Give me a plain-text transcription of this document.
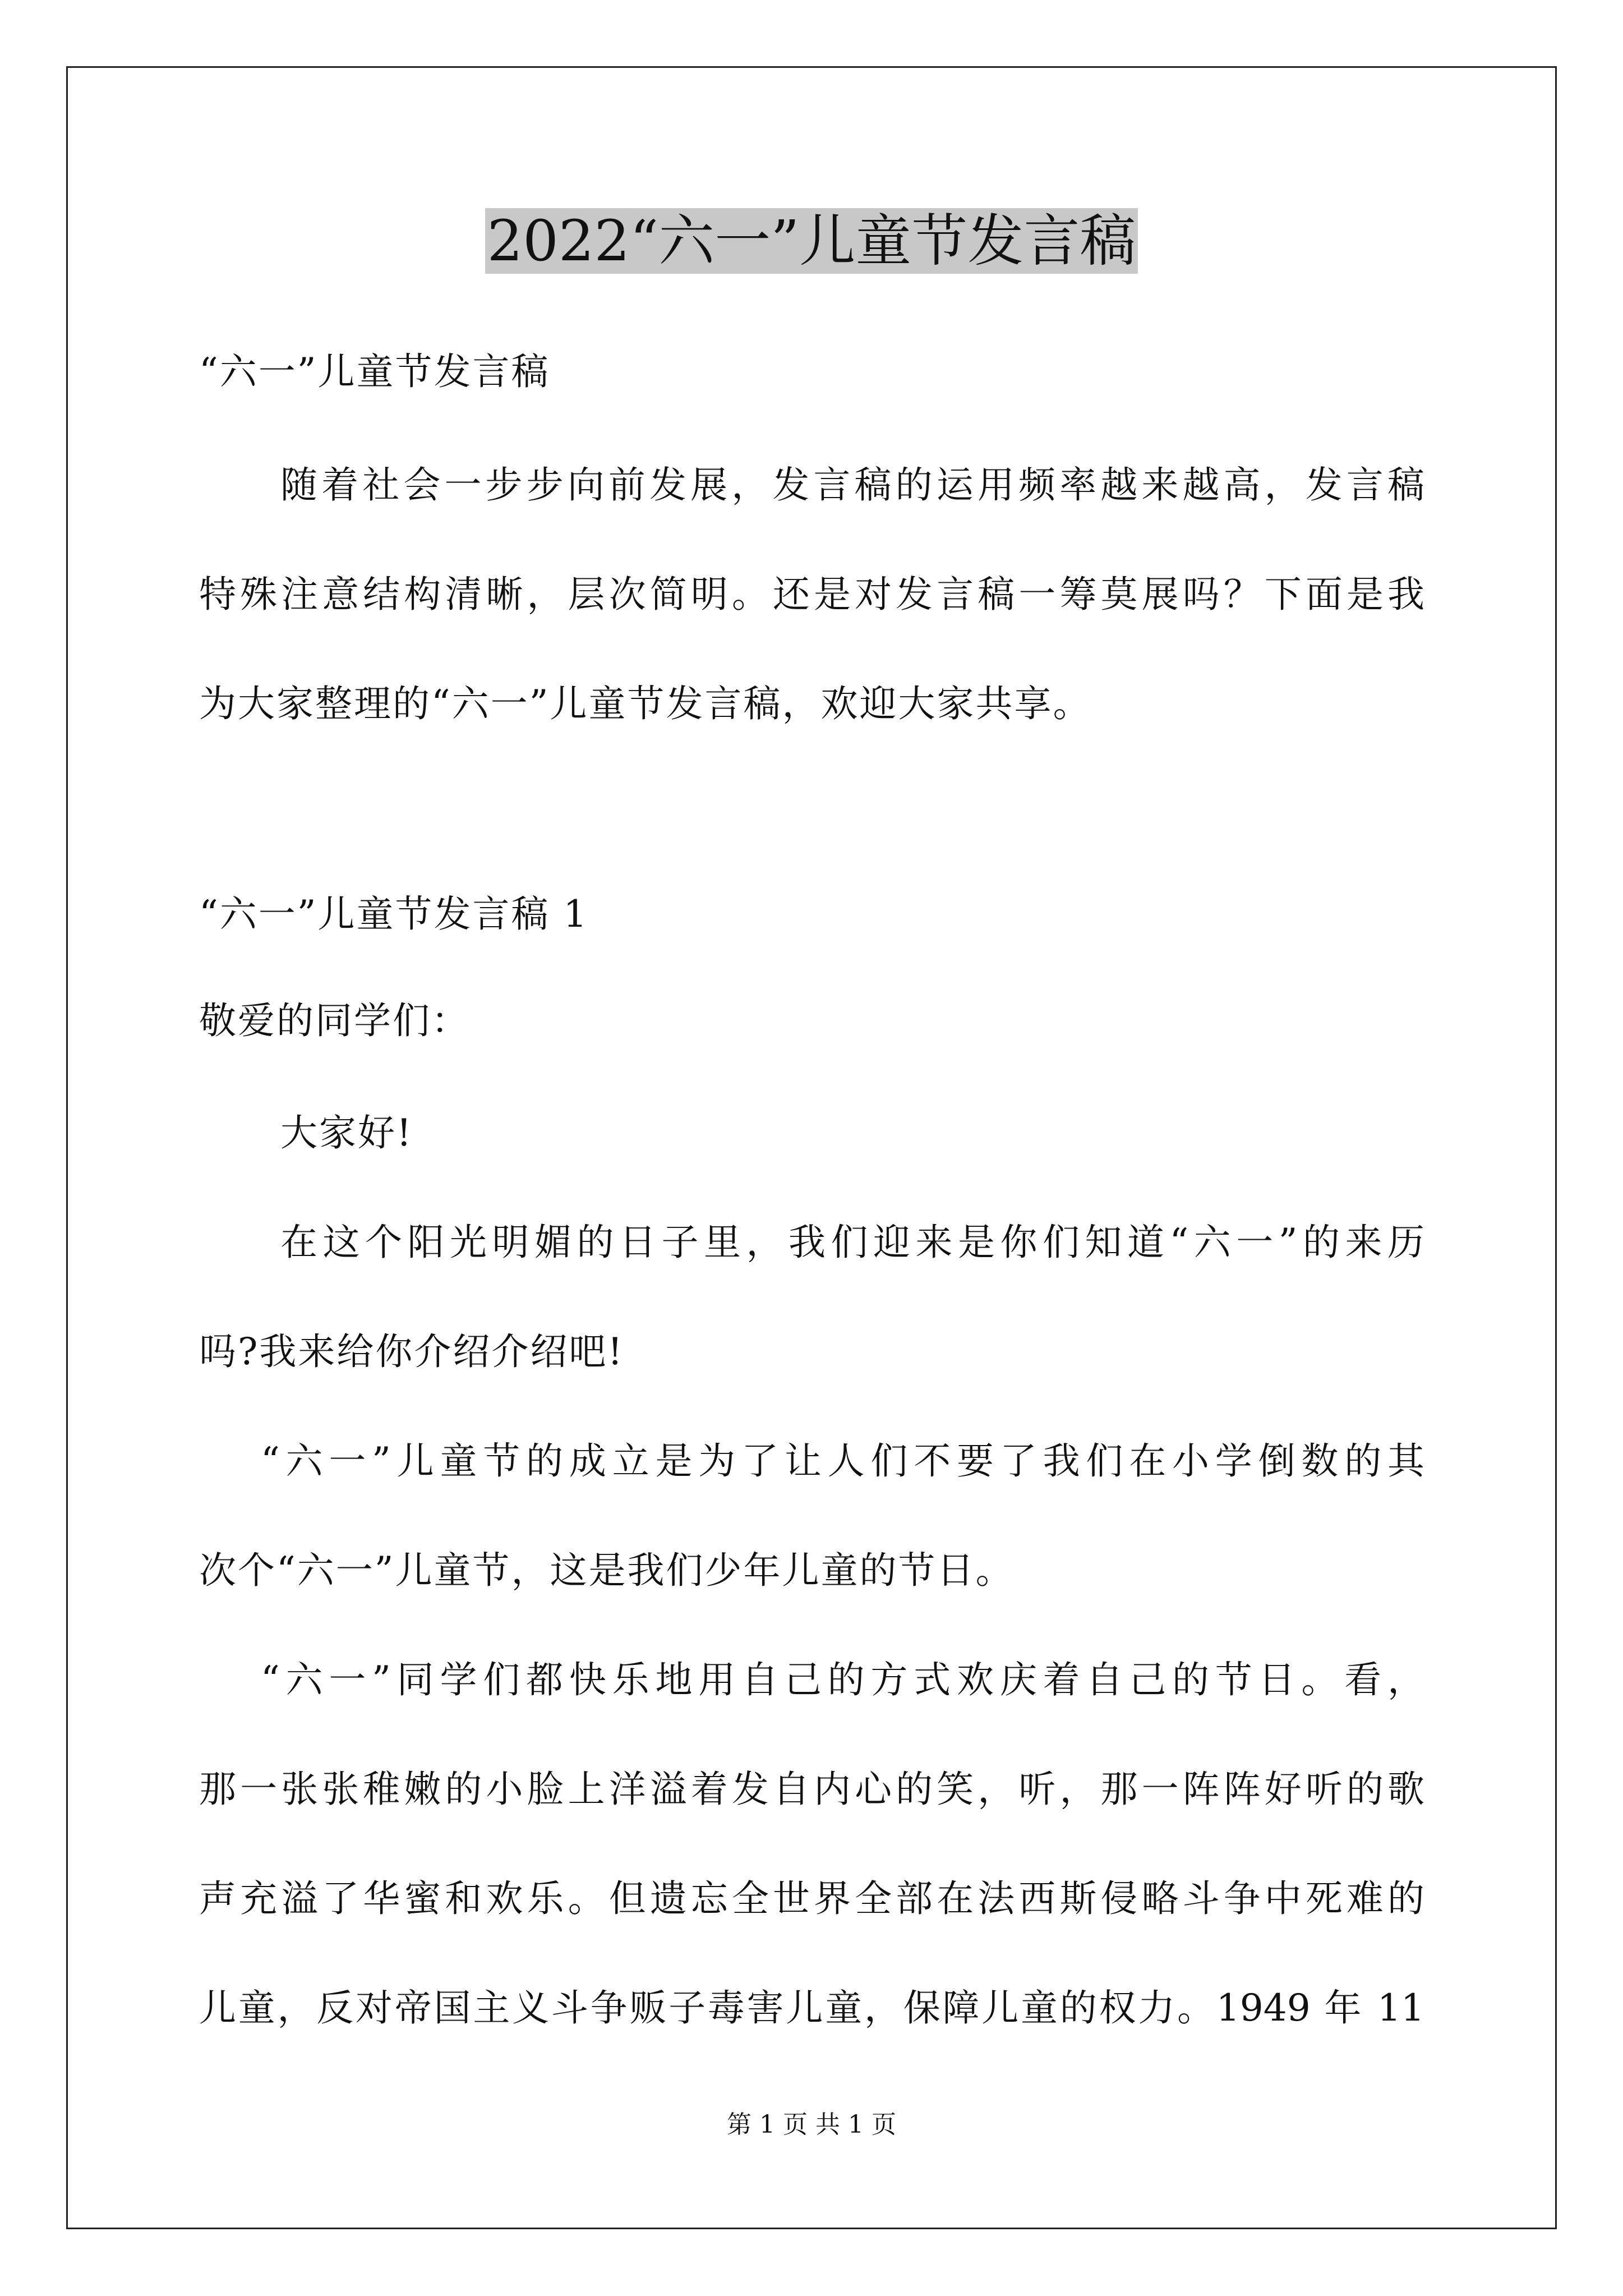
2022“六一”儿童节发言稿
“六一”儿童节发言稿
随着社会一步步向前发展，发言稿的运用频率越来越高，发言稿
特殊注意结构清晰，层次简明。还是对发言稿一筹莫展吗？下面是我
为大家整理的“六一”儿童节发言稿，欢迎大家共享。
“六一”儿童节发言稿 1
敬爱的同学们：
大家好!
在这个阳光明媚的日子里，我们迎来是你们知道“六一”的来历
吗?我来给你介绍介绍吧!
“六一”儿童节的成立是为了让人们不要了我们在小学倒数的其
次个“六一”儿童节，这是我们少年儿童的节日。
“六一”同学们都快乐地用自己的方式欢庆着自己的节日。看，
那一张张稚嫩的小脸上洋溢着发自内心的笑，听，那一阵阵好听的歌
声充溢了华蜜和欢乐。但遗忘全世界全部在法西斯侵略斗争中死难的
儿童，反对帝国主义斗争贩子毒害儿童，保障儿童的权力。1949 年 11
第 1 页 共 1 页
